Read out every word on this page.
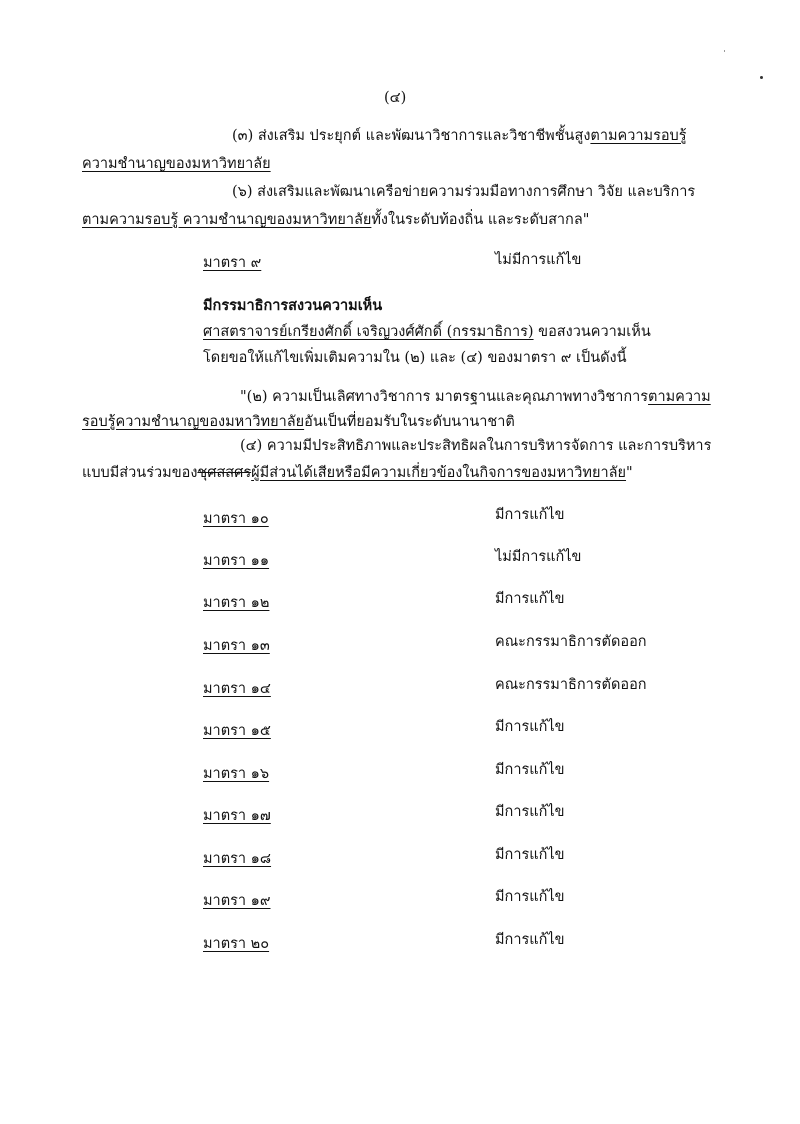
(๔)
(๓) ส่งเสริม ประยุกต์ และพัฒนาวิชาการและวิชาชีพชั้นสูงตามความรอบรู้
ความชำนาญของมหาวิทยาลัย
(๖) ส่งเสริมและพัฒนาเครือข่ายความร่วมมือทางการศึกษา วิจัย และบริการ
ตามความรอบรู้ ความชำนาญของมหาวิทยาลัยทั้งในระดับท้องถิ่น และระดับสากล"
มาตรา ๙	ไม่มีการแก้ไข
มีกรรมาธิการสงวนความเห็น
ศาสตราจารย์เกรียงศักดิ์ เจริญวงศ์ศักดิ์ (กรรมาธิการ) ขอสงวนความเห็น
โดยขอให้แก้ไขเพิ่มเติมความใน (๒) และ (๔) ของมาตรา ๙ เป็นดังนี้
"(๒) ความเป็นเลิศทางวิชาการ มาตรฐานและคุณภาพทางวิชาการตามความ
รอบรู้ความชำนาญของมหาวิทยาลัยอันเป็นที่ยอมรับในระดับนานาชาติ
(๔) ความมีประสิทธิภาพและประสิทธิผลในการบริหารจัดการ และการบริหาร
แบบมีส่วนร่วมของชุศสสศรผู้มีส่วนได้เสียหรือมีความเกี่ยวข้องในกิจการของมหาวิทยาลัย"
มาตรา ๑๐	มีการแก้ไข
มาตรา ๑๑	ไม่มีการแก้ไข
มาตรา ๑๒	มีการแก้ไข
มาตรา ๑๓	คณะกรรมาธิการตัดออก
มาตรา ๑๔	คณะกรรมาธิการตัดออก
มาตรา ๑๕	มีการแก้ไข
มาตรา ๑๖	มีการแก้ไข
มาตรา ๑๗	มีการแก้ไข
มาตรา ๑๘	มีการแก้ไข
มาตรา ๑๙	มีการแก้ไข
มาตรา ๒๐	มีการแก้ไข
